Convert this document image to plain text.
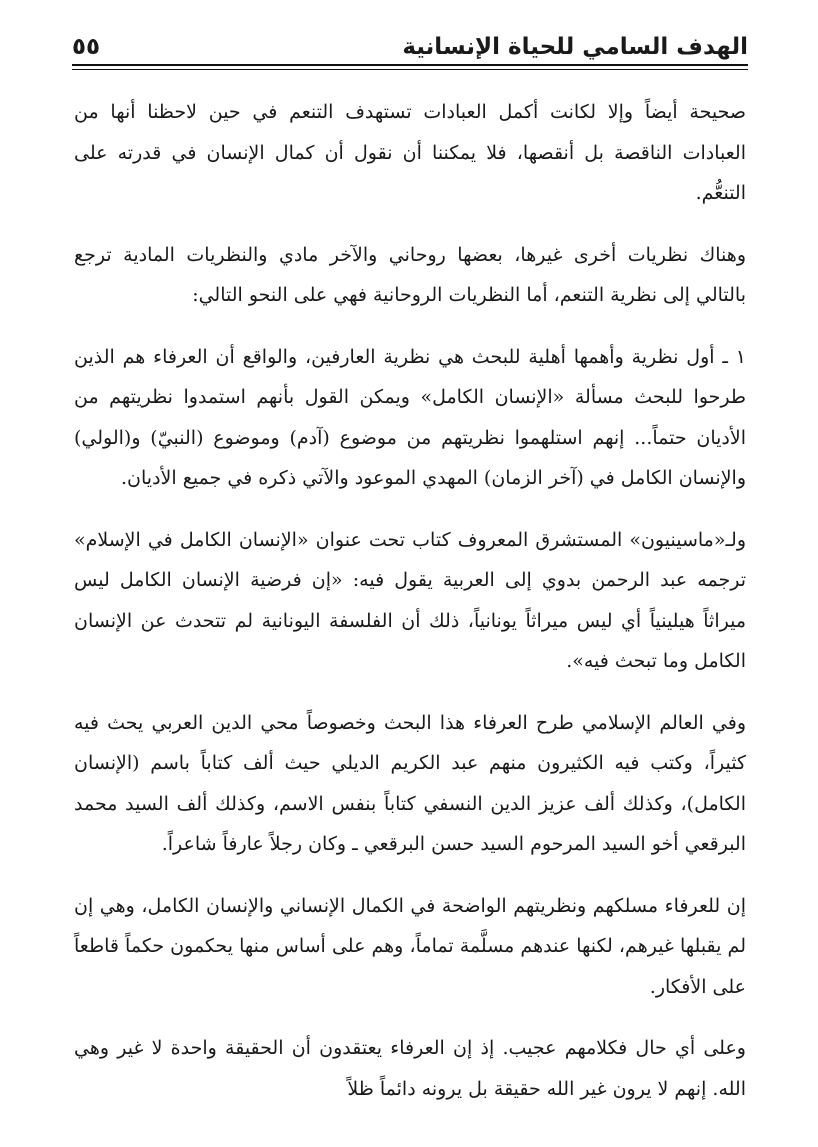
الهدف السامي للحياة الإنسانية
٥٥

صحيحة أيضاً وإلا لكانت أكمل العبادات تستهدف التنعم في حين لاحظنا أنها من العبادات الناقصة بل أنقصها، فلا يمكننا أن نقول أن كمال الإنسان في قدرته على التنعُّم.

وهناك نظريات أخرى غيرها، بعضها روحاني والآخر مادي والنظريات المادية ترجع بالتالي إلى نظرية التنعم، أما النظريات الروحانية فهي على النحو التالي:

١ ـ أول نظرية وأهمها أهلية للبحث هي نظرية العارفين، والواقع أن العرفاء هم الذين طرحوا للبحث مسألة «الإنسان الكامل» ويمكن القول بأنهم استمدوا نظريتهم من الأديان حتماً... إنهم استلهموا نظريتهم من موضوع (آدم) وموضوع (النبيّ) و(الولي) والإنسان الكامل في (آخر الزمان) المهدي الموعود والآتي ذكره في جميع الأديان.

ولـ«ماسينيون» المستشرق المعروف كتاب تحت عنوان «الإنسان الكامل في الإسلام» ترجمه عبد الرحمن بدوي إلى العربية يقول فيه: «إن فرضية الإنسان الكامل ليس ميراثاً هيلينياً أي ليس ميراثاً يونانياً، ذلك أن الفلسفة اليونانية لم تتحدث عن الإنسان الكامل وما تبحث فيه».

وفي العالم الإسلامي طرح العرفاء هذا البحث وخصوصاً محي الدين العربي يحث فيه كثيراً، وكتب فيه الكثيرون منهم عبد الكريم الديلي حيث ألف كتاباً باسم (الإنسان الكامل)، وكذلك ألف عزيز الدين النسفي كتاباً بنفس الاسم، وكذلك ألف السيد محمد البرقعي أخو السيد المرحوم السيد حسن البرقعي ـ وكان رجلاً عارفاً شاعراً.

إن للعرفاء مسلكهم ونظريتهم الواضحة في الكمال الإنساني والإنسان الكامل، وهي إن لم يقبلها غيرهم، لكنها عندهم مسلَّمة تماماً، وهم على أساس منها يحكمون حكماً قاطعاً على الأفكار.

وعلى أي حال فكلامهم عجيب. إذ إن العرفاء يعتقدون أن الحقيقة واحدة لا غير وهي الله. إنهم لا يرون غير الله حقيقة بل يرونه دائماً ظلاً
